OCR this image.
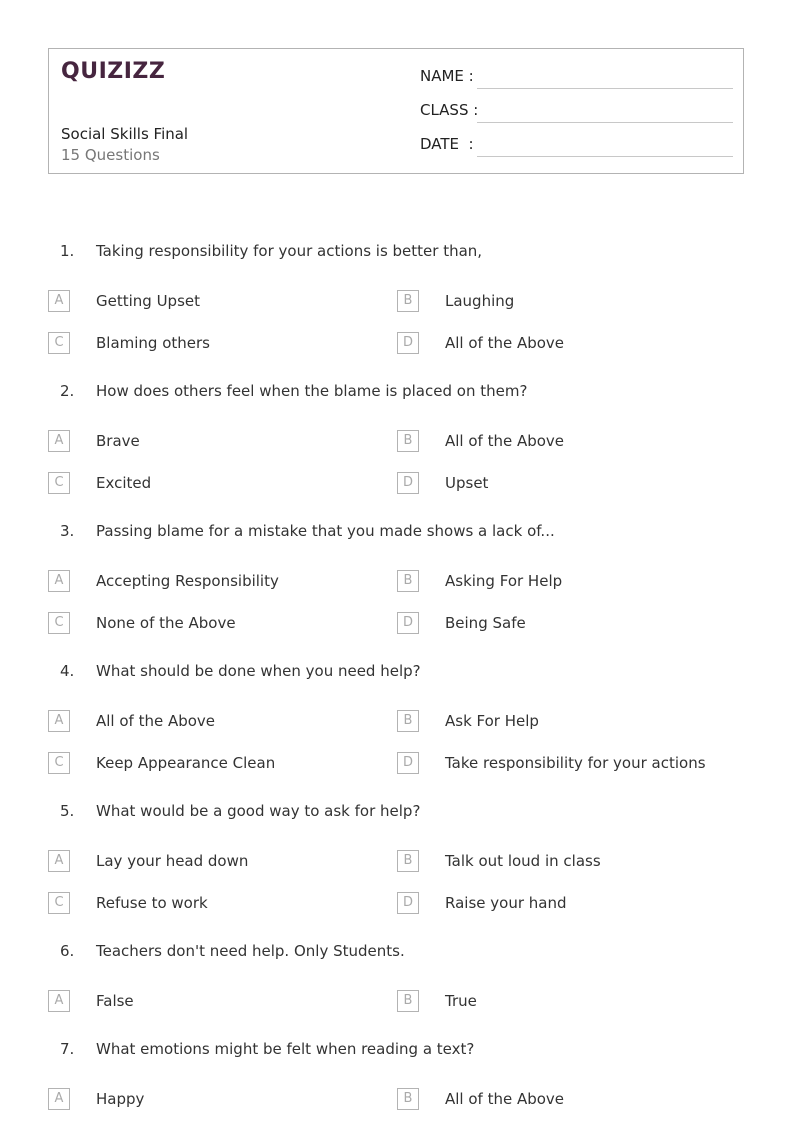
QUIZIZZ
Social Skills Final
15 Questions
NAME :
CLASS :
DATE  :
1. Taking responsibility for your actions is better than,
A	Getting Upset	B	Laughing
C	Blaming others	D	All of the Above
2. How does others feel when the blame is placed on them?
A	Brave	B	All of the Above
C	Excited	D	Upset
3. Passing blame for a mistake that you made shows a lack of...
A	Accepting Responsibility	B	Asking For Help
C	None of the Above	D	Being Safe
4. What should be done when you need help?
A	All of the Above	B	Ask For Help
C	Keep Appearance Clean	D	Take responsibility for your actions
5. What would be a good way to ask for help?
A	Lay your head down	B	Talk out loud in class
C	Refuse to work	D	Raise your hand
6. Teachers don't need help. Only Students.
A	False	B	True
7. What emotions might be felt when reading a text?
A	Happy	B	All of the Above
